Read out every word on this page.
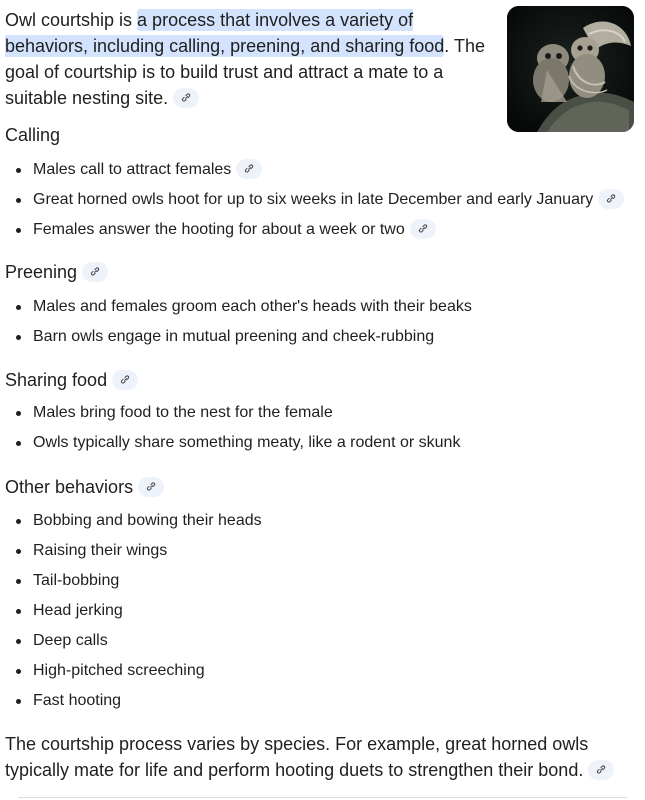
Owl courtship is a process that involves a variety of behaviors, including calling, preening, and sharing food. The goal of courtship is to build trust and attract a mate to a suitable nesting site.

Calling
Males call to attract females
Great horned owls hoot for up to six weeks in late December and early January
Females answer the hooting for about a week or two
Preening
Males and females groom each other's heads with their beaks
Barn owls engage in mutual preening and cheek-rubbing
Sharing food
Males bring food to the nest for the female
Owls typically share something meaty, like a rodent or skunk
Other behaviors
Bobbing and bowing their heads
Raising their wings
Tail-bobbing
Head jerking
Deep calls
High-pitched screeching
Fast hooting

The courtship process varies by species. For example, great horned owls typically mate for life and perform hooting duets to strengthen their bond.
